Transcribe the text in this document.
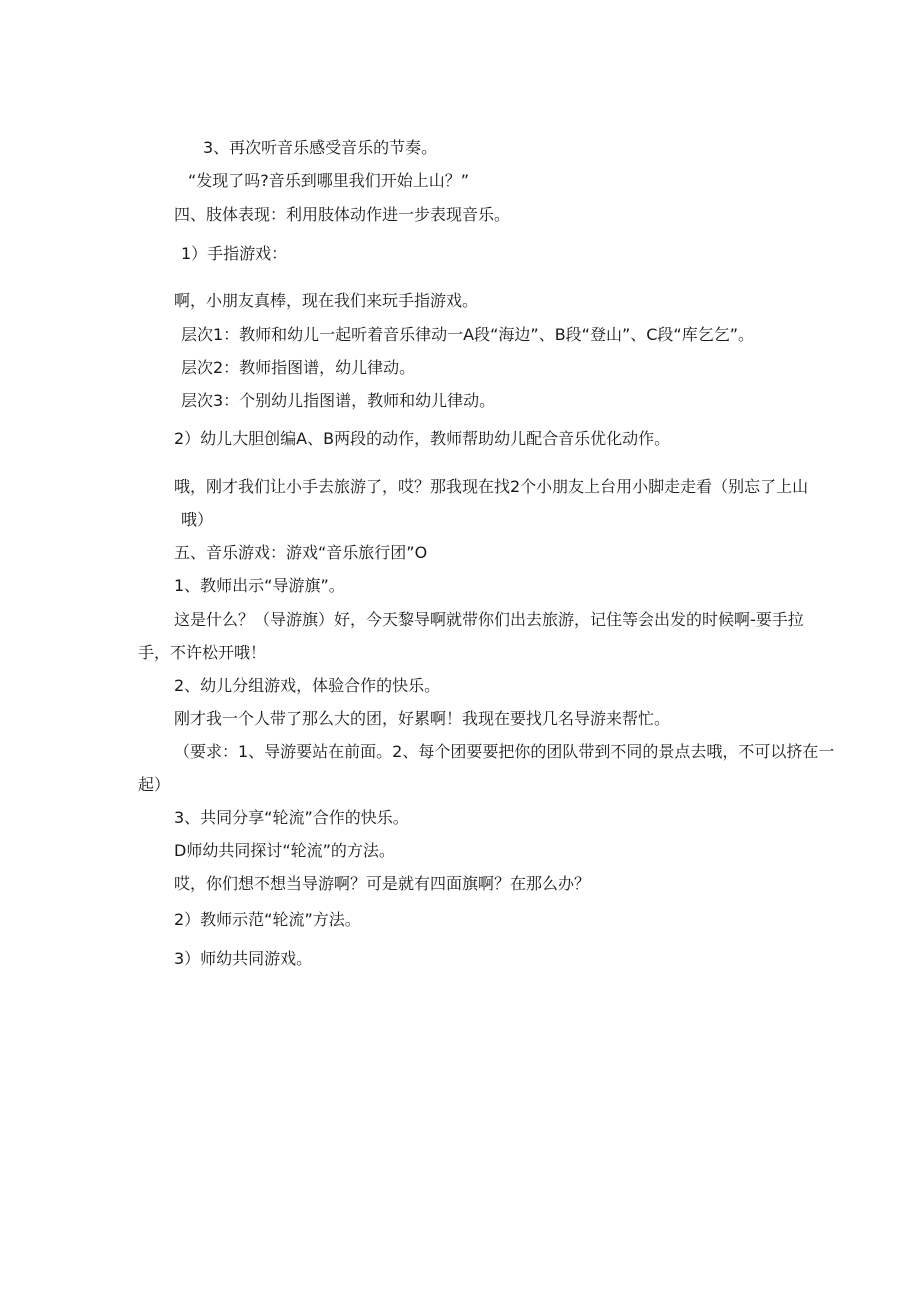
3、再次听音乐感受音乐的节奏。
“发现了吗?音乐到哪里我们开始上山？”
四、肢体表现：利用肢体动作进一步表现音乐。
1）手指游戏：
啊，小朋友真棒，现在我们来玩手指游戏。
层次1：教师和幼儿一起听着音乐律动一A段“海边”、B段“登山”、C段“库乞乞”。
层次2：教师指图谱，幼儿律动。
层次3：个别幼儿指图谱，教师和幼儿律动。
2）幼儿大胆创编A、B两段的动作，教师帮助幼儿配合音乐优化动作。
哦，刚才我们让小手去旅游了，哎？那我现在找2个小朋友上台用小脚走走看（别忘了上山
哦）
五、音乐游戏：游戏“音乐旅行团”O
1、教师出示“导游旗”。
这是什么？（导游旗）好，今天黎导啊就带你们出去旅游，记住等会出发的时候啊-要手拉
手，不许松开哦！
2、幼儿分组游戏，体验合作的快乐。
刚才我一个人带了那么大的团，好累啊！我现在要找几名导游来帮忙。
（要求：1、导游要站在前面。2、每个团要要把你的团队带到不同的景点去哦，不可以挤在一
起）
3、共同分享“轮流”合作的快乐。
D师幼共同探讨“轮流”的方法。
哎，你们想不想当导游啊？可是就有四面旗啊？在那么办？
2）教师示范“轮流”方法。
3）师幼共同游戏。
